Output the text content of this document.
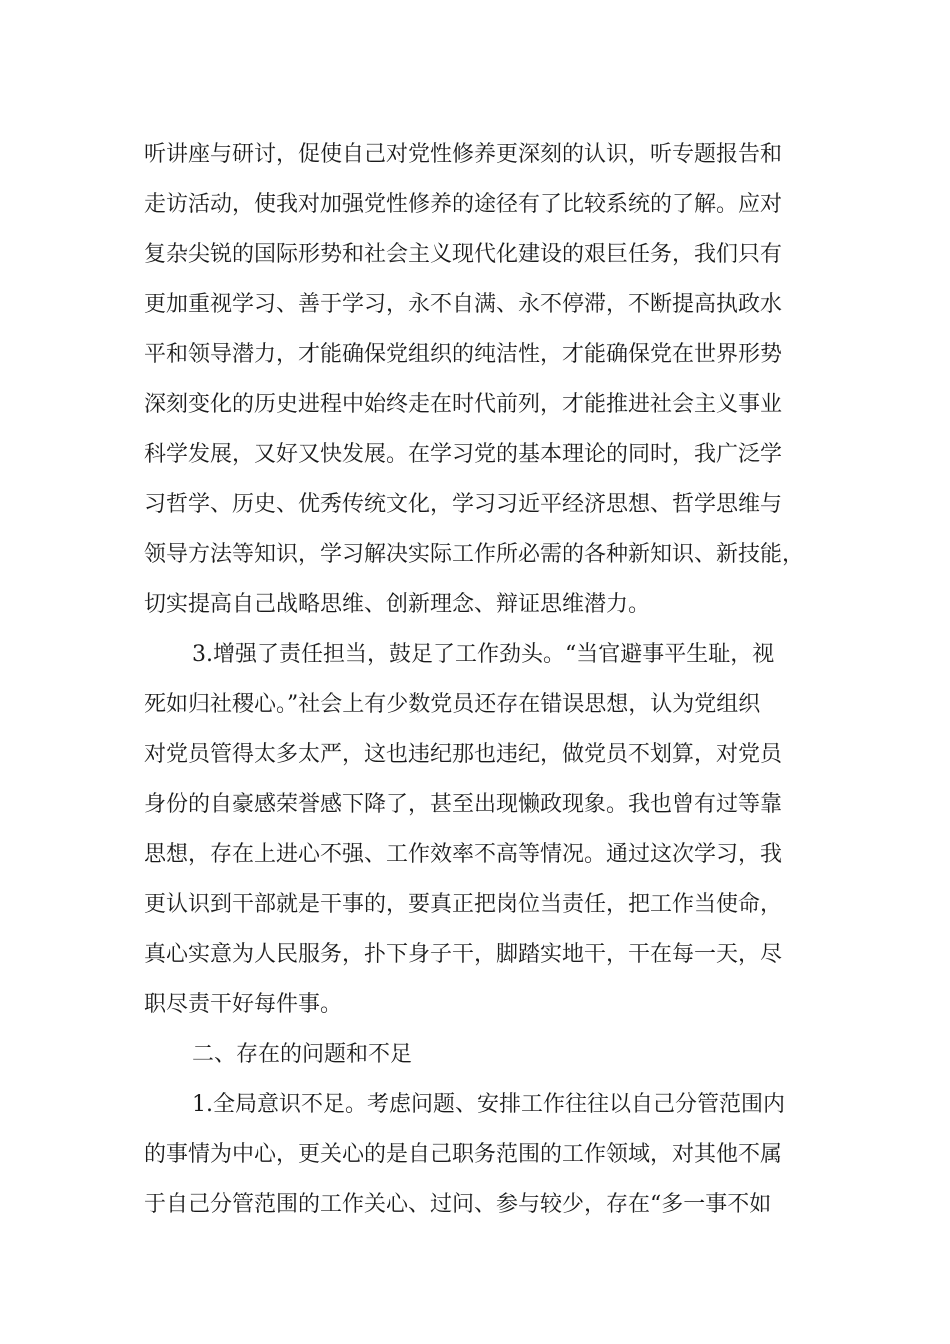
听讲座与研讨，促使自己对党性修养更深刻的认识，听专题报告和
走访活动，使我对加强党性修养的途径有了比较系统的了解。应对
复杂尖锐的国际形势和社会主义现代化建设的艰巨任务，我们只有
更加重视学习、善于学习，永不自满、永不停滞，不断提高执政水
平和领导潜力，才能确保党组织的纯洁性，才能确保党在世界形势
深刻变化的历史进程中始终走在时代前列，才能推进社会主义事业
科学发展，又好又快发展。在学习党的基本理论的同时，我广泛学
习哲学、历史、优秀传统文化，学习习近平经济思想、哲学思维与
领导方法等知识，学习解决实际工作所必需的各种新知识、新技能，
切实提高自己战略思维、创新理念、辩证思维潜力。
3.增强了责任担当，鼓足了工作劲头。“当官避事平生耻，视
死如归社稷心。”社会上有少数党员还存在错误思想，认为党组织
对党员管得太多太严，这也违纪那也违纪，做党员不划算，对党员
身份的自豪感荣誉感下降了，甚至出现懒政现象。我也曾有过等靠
思想，存在上进心不强、工作效率不高等情况。通过这次学习，我
更认识到干部就是干事的，要真正把岗位当责任，把工作当使命，
真心实意为人民服务，扑下身子干，脚踏实地干，干在每一天，尽
职尽责干好每件事。
二、存在的问题和不足
1.全局意识不足。考虑问题、安排工作往往以自己分管范围内
的事情为中心，更关心的是自己职务范围的工作领域，对其他不属
于自己分管范围的工作关心、过问、参与较少，存在“多一事不如
